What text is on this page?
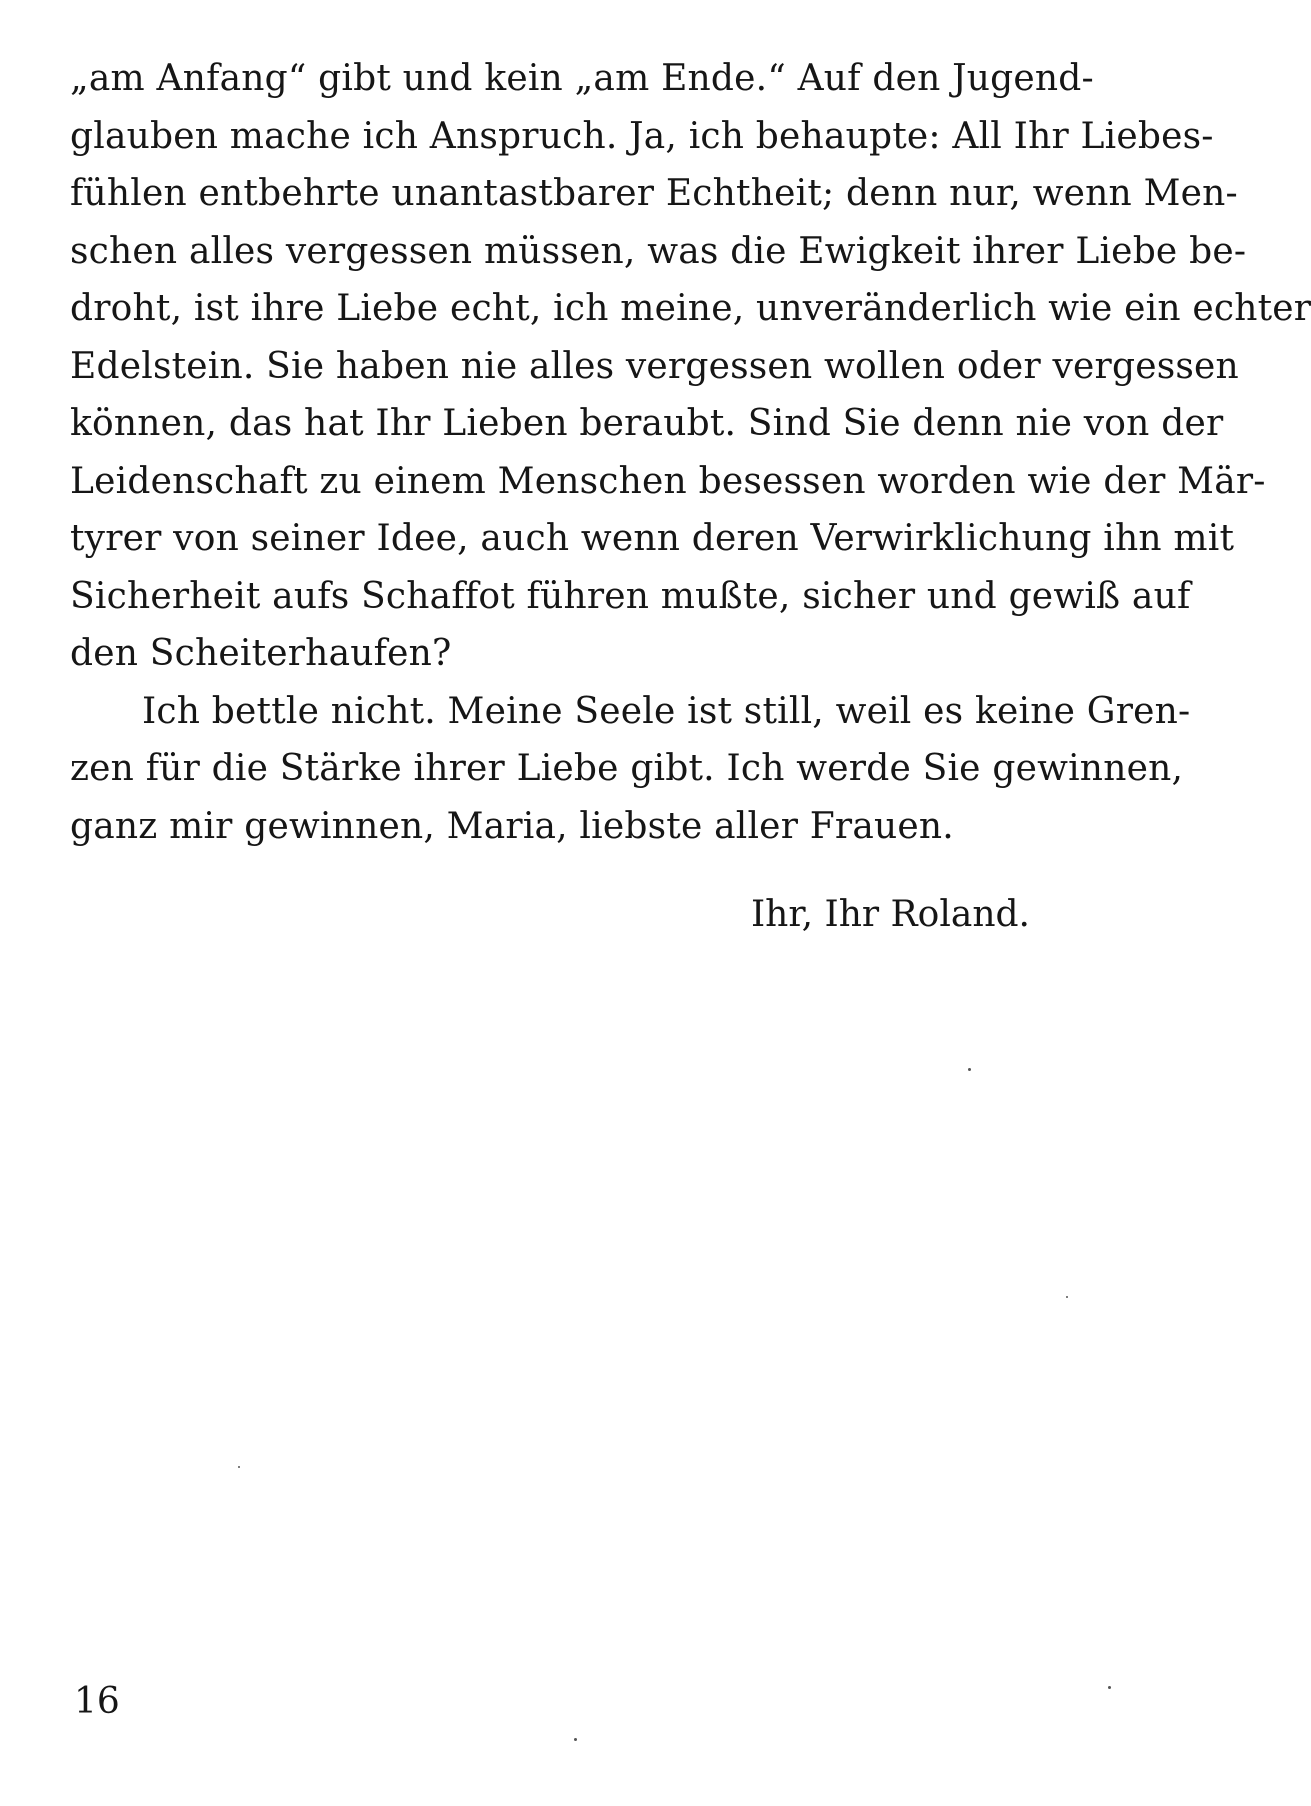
„am Anfang“ gibt und kein „am Ende.“ Auf den Jugend-
glauben mache ich Anspruch. Ja, ich behaupte: All Ihr Liebes-
fühlen entbehrte unantastbarer Echtheit; denn nur, wenn Men-
schen alles vergessen müssen, was die Ewigkeit ihrer Liebe be-
droht, ist ihre Liebe echt, ich meine, unveränderlich wie ein echter
Edelstein. Sie haben nie alles vergessen wollen oder vergessen
können, das hat Ihr Lieben beraubt. Sind Sie denn nie von der
Leidenschaft zu einem Menschen besessen worden wie der Mär-
tyrer von seiner Idee, auch wenn deren Verwirklichung ihn mit
Sicherheit aufs Schaffot führen mußte, sicher und gewiß auf
den Scheiterhaufen?
Ich bettle nicht. Meine Seele ist still, weil es keine Gren-
zen für die Stärke ihrer Liebe gibt. Ich werde Sie gewinnen,
ganz mir gewinnen, Maria, liebste aller Frauen.
Ihr, Ihr Roland.
16
